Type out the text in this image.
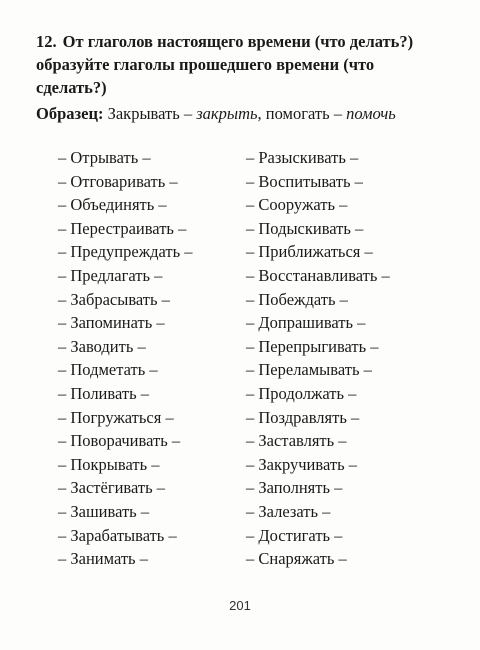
12. От глаголов настоящего времени (что делать?) образуйте глаголы прошедшего времени (что сделать?)
Образец: Закрывать – закрыть, помогать – помочь
– Отрывать –
– Отговаривать –
– Объединять –
– Перестраивать –
– Предупреждать –
– Предлагать –
– Забрасывать –
– Запоминать –
– Заводить –
– Подметать –
– Поливать –
– Погружаться –
– Поворачивать –
– Покрывать –
– Застёгивать –
– Зашивать –
– Зарабатывать –
– Занимать –
– Разыскивать –
– Воспитывать –
– Сооружать –
– Подыскивать –
– Приближаться –
– Восстанавливать –
– Побеждать –
– Допрашивать –
– Перепрыгивать –
– Переламывать –
– Продолжать –
– Поздравлять –
– Заставлять –
– Закручивать –
– Заполнять –
– Залезать –
– Достигать –
– Снаряжать –
201
